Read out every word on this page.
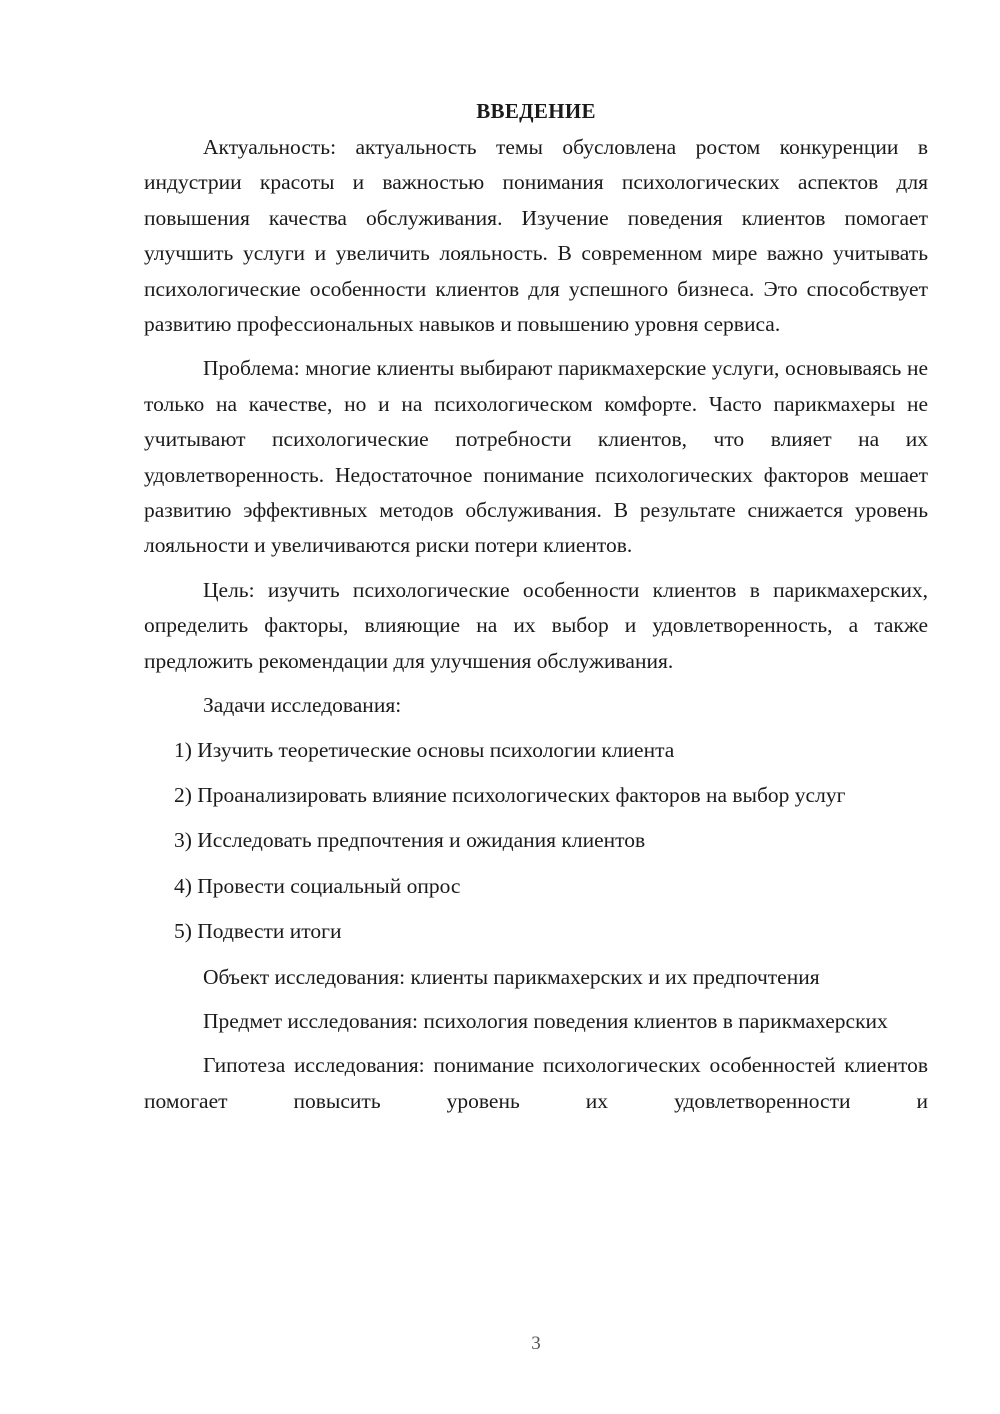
ВВЕДЕНИЕ

Актуальность: актуальность темы обусловлена ростом конкуренции в индустрии красоты и важностью понимания психологических аспектов для повышения качества обслуживания. Изучение поведения клиентов помогает улучшить услуги и увеличить лояльность. В современном мире важно учитывать психологические особенности клиентов для успешного бизнеса. Это способствует развитию профессиональных навыков и повышению уровня сервиса.

Проблема: многие клиенты выбирают парикмахерские услуги, основываясь не только на качестве, но и на психологическом комфорте. Часто парикмахеры не учитывают психологические потребности клиентов, что влияет на их удовлетворенность. Недостаточное понимание психологических факторов мешает развитию эффективных методов обслуживания. В результате снижается уровень лояльности и увеличиваются риски потери клиентов.

Цель: изучить психологические особенности клиентов в парикмахерских, определить факторы, влияющие на их выбор и удовлетворенность, а также предложить рекомендации для улучшения обслуживания.

Задачи исследования:

1) Изучить теоретические основы психологии клиента

2) Проанализировать влияние психологических факторов на выбор услуг

3) Исследовать предпочтения и ожидания клиентов

4) Провести социальный опрос

5) Подвести итоги

Объект исследования: клиенты парикмахерских и их предпочтения

Предмет исследования: психология поведения клиентов в парикмахерских

Гипотеза исследования: понимание психологических особенностей клиентов помогает повысить уровень их удовлетворенности и

3
